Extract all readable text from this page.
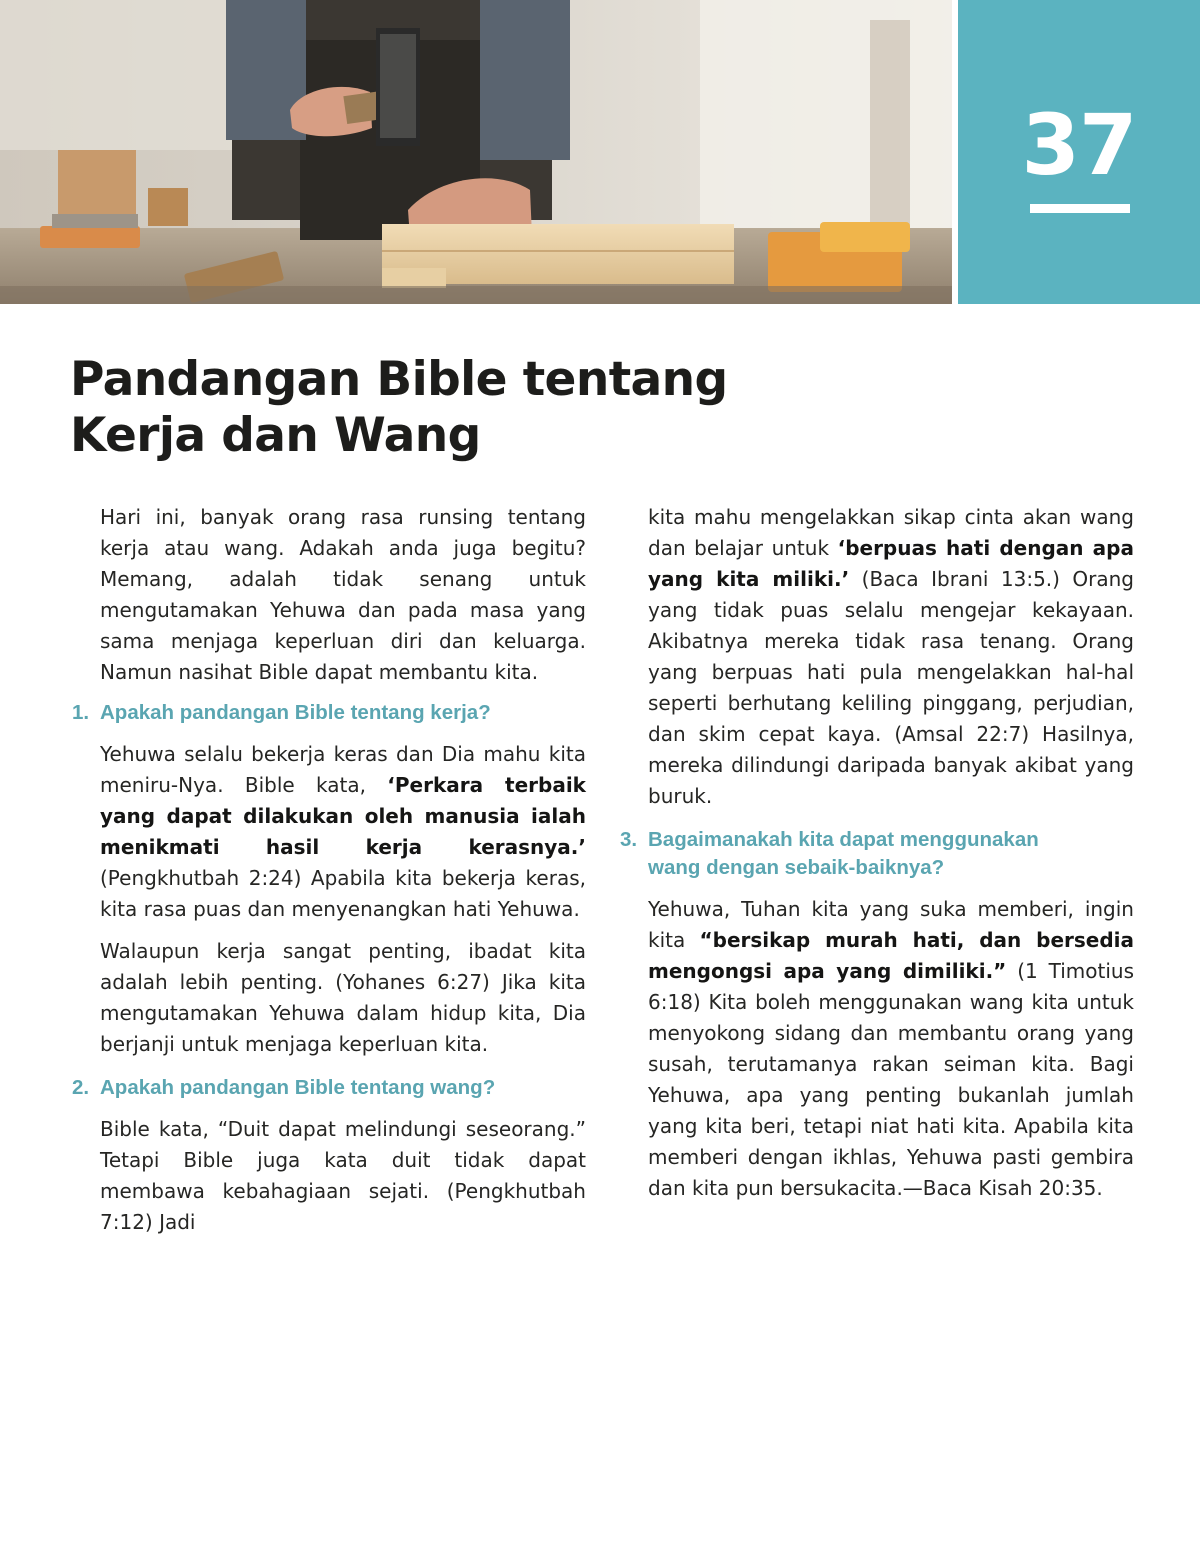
37
Pandangan Bible tentang
Kerja dan Wang

Hari ini, banyak orang rasa runsing tentang kerja atau wang. Adakah anda juga begitu? Memang, adalah tidak senang untuk mengutamakan Yehuwa dan pada masa yang sama menjaga keperluan diri dan keluarga. Namun nasihat Bible dapat membantu kita.

1. Apakah pandangan Bible tentang kerja?

Yehuwa selalu bekerja keras dan Dia mahu kita meniru-Nya. Bible kata, ‘Perkara terbaik yang dapat dilakukan oleh manusia ialah menikmati hasil kerja kerasnya.’ (Pengkhutbah 2:24) Apabila kita bekerja keras, kita rasa puas dan menyenangkan hati Yehuwa.

Walaupun kerja sangat penting, ibadat kita adalah lebih penting. (Yohanes 6:27) Jika kita mengutamakan Yehuwa dalam hidup kita, Dia berjanji untuk menjaga keperluan kita.

2. Apakah pandangan Bible tentang wang?

Bible kata, “Duit dapat melindungi seseorang.” Tetapi Bible juga kata duit tidak dapat membawa kebahagiaan sejati. (Pengkhutbah 7:12) Jadi

kita mahu mengelakkan sikap cinta akan wang dan belajar untuk ‘berpuas hati dengan apa yang kita miliki.’ (Baca Ibrani 13:5.) Orang yang tidak puas selalu mengejar kekayaan. Akibatnya mereka tidak rasa tenang. Orang yang berpuas hati pula mengelakkan hal-hal seperti berhutang keliling pinggang, perjudian, dan skim cepat kaya. (Amsal 22:7) Hasilnya, mereka dilindungi daripada banyak akibat yang buruk.

3. Bagaimanakah kita dapat menggunakan
wang dengan sebaik-baiknya?

Yehuwa, Tuhan kita yang suka memberi, ingin kita “bersikap murah hati, dan bersedia mengongsi apa yang dimiliki.” (1 Timotius 6:18) Kita boleh menggunakan wang kita untuk menyokong sidang dan membantu orang yang susah, terutamanya rakan seiman kita. Bagi Yehuwa, apa yang penting bukanlah jumlah yang kita beri, tetapi niat hati kita. Apabila kita memberi dengan ikhlas, Yehuwa pasti gembira dan kita pun bersukacita.—Baca Kisah 20:35.
